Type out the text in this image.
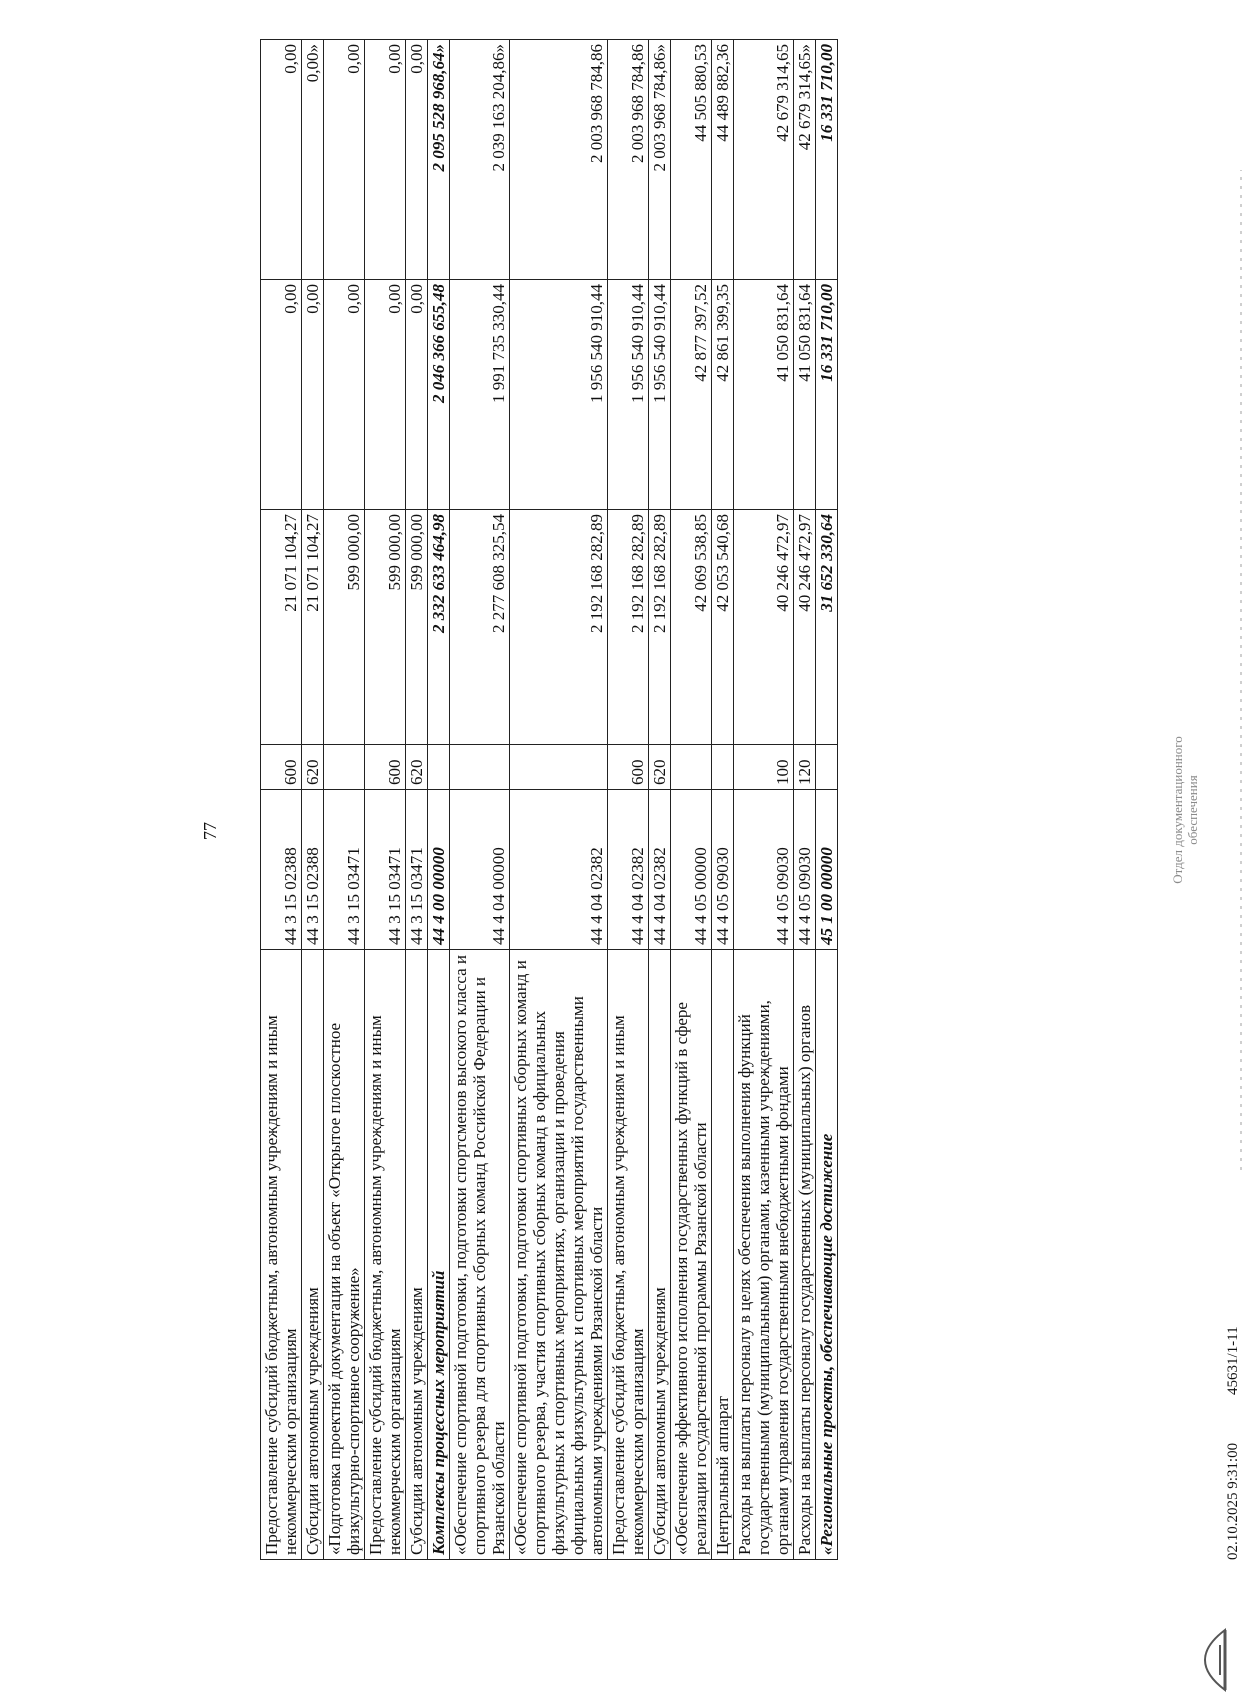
77
Предоставление субсидий бюджетным, автономным учреждениям и иным некоммерческим организациям	44 3 15 02388	600	21 071 104,27	0,00	0,00
Субсидии автономным учреждениям	44 3 15 02388	620	21 071 104,27	0,00	0,00»
«Подготовка проектной документации на объект «Открытое плоскостное физкультурно-спортивное сооружение»	44 3 15 03471		599 000,00	0,00	0,00
Предоставление субсидий бюджетным, автономным учреждениям и иным некоммерческим организациям	44 3 15 03471	600	599 000,00	0,00	0,00
Субсидии автономным учреждениям	44 3 15 03471	620	599 000,00	0,00	0,00
Комплексы процессных мероприятий	44 4 00 00000		2 332 633 464,98	2 046 366 655,48	2 095 528 968,64»
«Обеспечение спортивной подготовки, подготовки спортсменов высокого класса и спортивного резерва для спортивных сборных команд Российской Федерации и Рязанской области	44 4 04 00000		2 277 608 325,54	1 991 735 330,44	2 039 163 204,86»
«Обеспечение спортивной подготовки, подготовки спортивных сборных команд и спортивного резерва, участия спортивных сборных команд в официальных физкультурных и спортивных мероприятиях, организации и проведения официальных физкультурных и спортивных мероприятий государственными автономными учреждениями Рязанской области	44 4 04 02382		2 192 168 282,89	1 956 540 910,44	2 003 968 784,86
Предоставление субсидий бюджетным, автономным учреждениям и иным некоммерческим организациям	44 4 04 02382	600	2 192 168 282,89	1 956 540 910,44	2 003 968 784,86
Субсидии автономным учреждениям	44 4 04 02382	620	2 192 168 282,89	1 956 540 910,44	2 003 968 784,86»
«Обеспечение эффективного исполнения государственных функций в сфере реализации государственной программы Рязанской области	44 4 05 00000		42 069 538,85	42 877 397,52	44 505 880,53
Центральный аппарат	44 4 05 09030		42 053 540,68	42 861 399,35	44 489 882,36
Расходы на выплаты персоналу в целях обеспечения выполнения функций государственными (муниципальными) органами, казенными учреждениями, органами управления государственными внебюджетными фондами	44 4 05 09030	100	40 246 472,97	41 050 831,64	42 679 314,65
Расходы на выплаты персоналу государственных (муниципальных) органов	44 4 05 09030	120	40 246 472,97	41 050 831,64	42 679 314,65»
«Региональные проекты, обеспечивающие достижение	45 1 00 00000		31 652 330,64	16 331 710,00	16 331 710,00
02.10.2025 9:31:00
45631/1-11
Отдел документационного обеспечения
